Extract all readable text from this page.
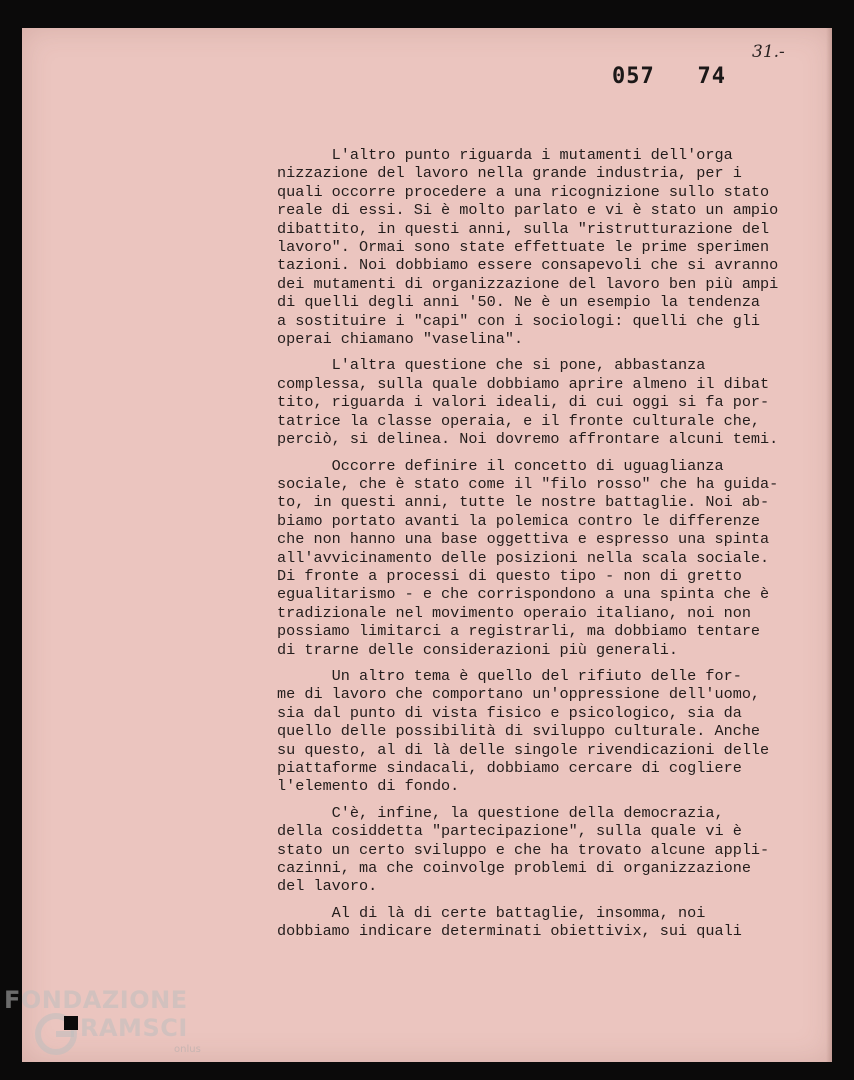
31.-
057   74
L'altro punto riguarda i mutamenti dell'orga
nizzazione del lavoro nella grande industria, per i
quali occorre procedere a una ricognizione sullo stato
reale di essi. Si è molto parlato e vi è stato un ampio
dibattito, in questi anni, sulla "ristrutturazione del
lavoro". Ormai sono state effettuate le prime sperimen
tazioni. Noi dobbiamo essere consapevoli che si avranno
dei mutamenti di organizzazione del lavoro ben più ampi
di quelli degli anni '50. Ne è un esempio la tendenza
a sostituire i "capi" con i sociologi: quelli che gli
operai chiamano "vaselina".
L'altra questione che si pone, abbastanza
complessa, sulla quale dobbiamo aprire almeno il dibat
tito, riguarda i valori ideali, di cui oggi si fa por-
tatrice la classe operaia, e il fronte culturale che,
perciò, si delinea. Noi dovremo affrontare alcuni temi.
Occorre definire il concetto di uguaglianza
sociale, che è stato come il "filo rosso" che ha guida-
to, in questi anni, tutte le nostre battaglie. Noi ab-
biamo portato avanti la polemica contro le differenze
che non hanno una base oggettiva e espresso una spinta
all'avvicinamento delle posizioni nella scala sociale.
Di fronte a processi di questo tipo - non di gretto
egualitarismo - e che corrispondono a una spinta che è
tradizionale nel movimento operaio italiano, noi non
possiamo limitarci a registrarli, ma dobbiamo tentare
di trarne delle considerazioni più generali.
Un altro tema è quello del rifiuto delle for-
me di lavoro che comportano un'oppressione dell'uomo,
sia dal punto di vista fisico e psicologico, sia da
quello delle possibilità di sviluppo culturale. Anche
su questo, al di là delle singole rivendicazioni delle
piattaforme sindacali, dobbiamo cercare di cogliere
l'elemento di fondo.
C'è, infine, la questione della democrazia,
della cosiddetta "partecipazione", sulla quale vi è
stato un certo sviluppo e che ha trovato alcune appli-
cazinni, ma che coinvolge problemi di organizzazione
del lavoro.
Al di là di certe battaglie, insomma, noi
dobbiamo indicare determinati obiettivix, sui quali
FONDAZIONE
RAMSCI
onlus
